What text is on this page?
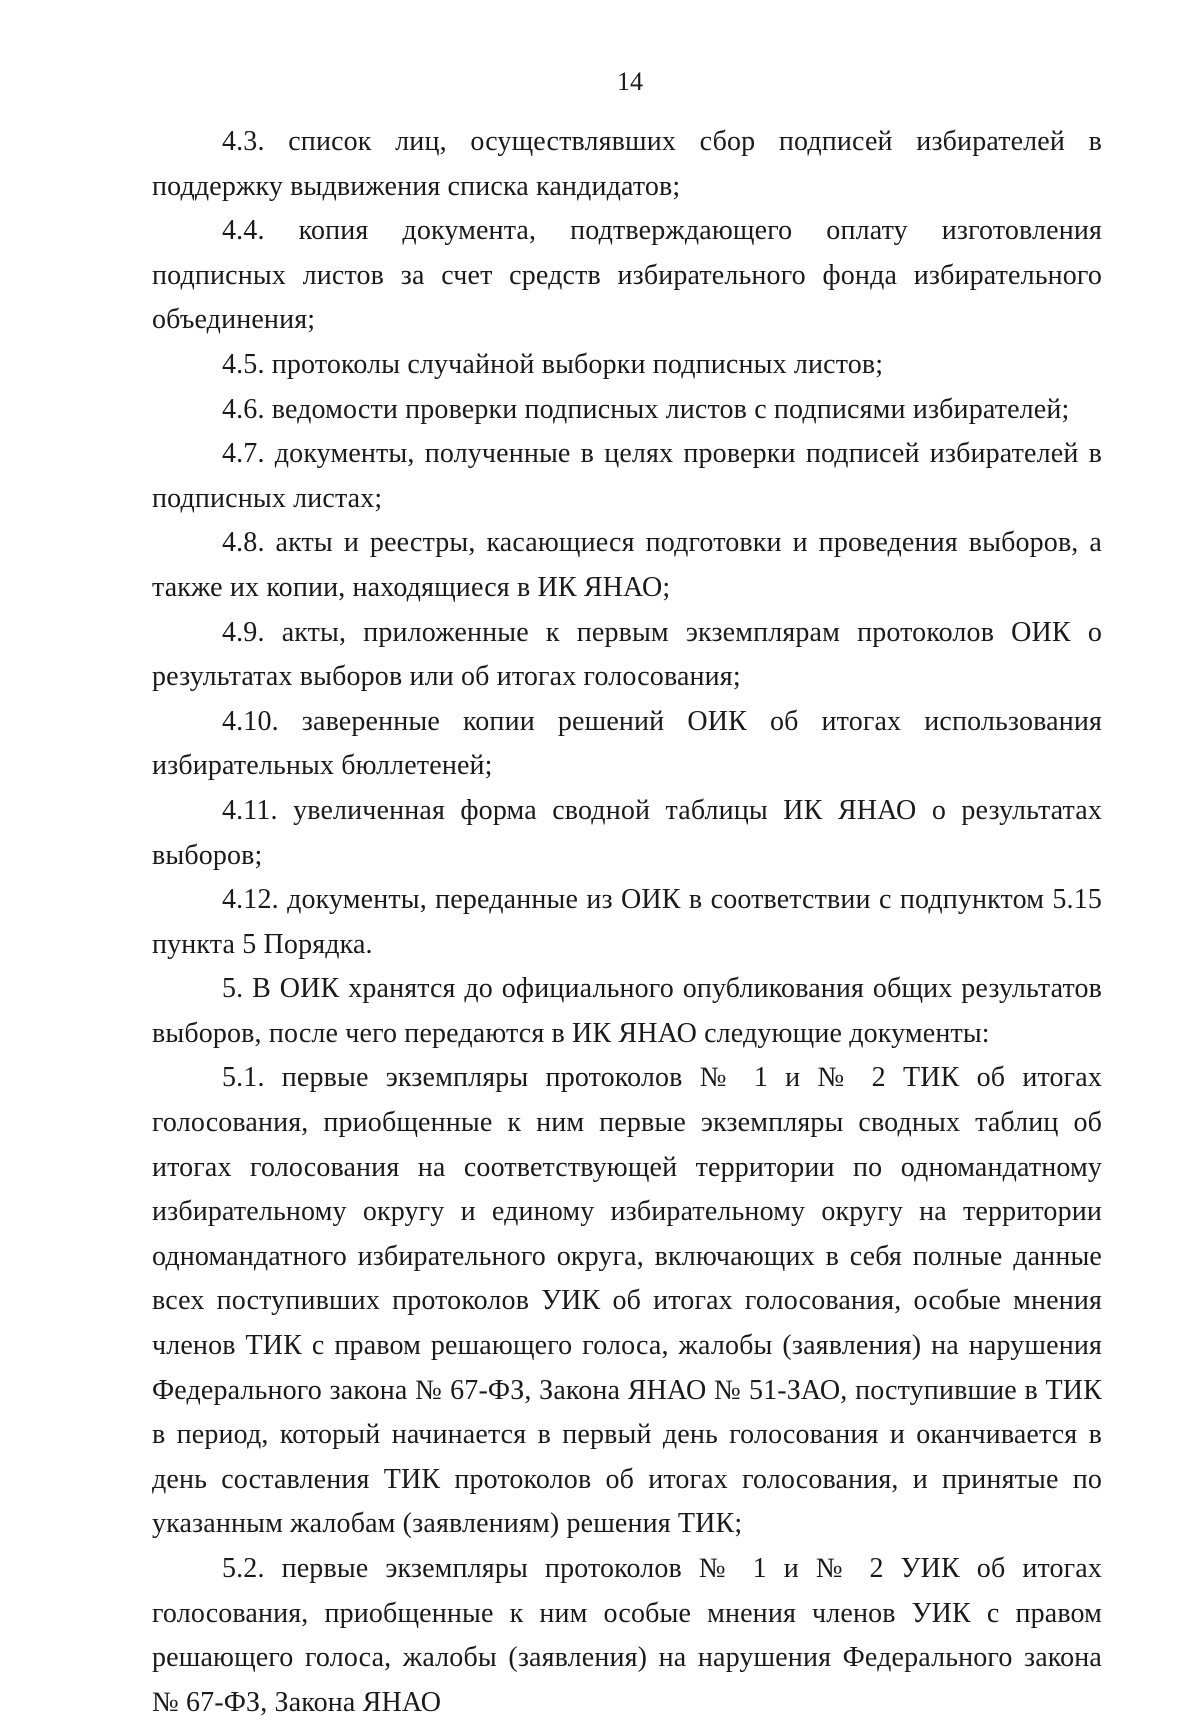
14

4.3. список лиц, осуществлявших сбор подписей избирателей в поддержку выдвижения списка кандидатов;

4.4. копия документа, подтверждающего оплату изготовления подписных листов за счет средств избирательного фонда избирательного объединения;

4.5. протоколы случайной выборки подписных листов;

4.6. ведомости проверки подписных листов с подписями избирателей;

4.7. документы, полученные в целях проверки подписей избирателей в подписных листах;

4.8. акты и реестры, касающиеся подготовки и проведения выборов, а также их копии, находящиеся в ИК ЯНАО;

4.9. акты, приложенные к первым экземплярам протоколов ОИК о результатах выборов или об итогах голосования;

4.10. заверенные копии решений ОИК об итогах использования избирательных бюллетеней;

4.11. увеличенная форма сводной таблицы ИК ЯНАО о результатах выборов;

4.12. документы, переданные из ОИК в соответствии с подпунктом 5.15 пункта 5 Порядка.

5. В ОИК хранятся до официального опубликования общих результатов выборов, после чего передаются в ИК ЯНАО следующие документы:

5.1. первые экземпляры протоколов № 1 и № 2 ТИК об итогах голосования, приобщенные к ним первые экземпляры сводных таблиц об итогах голосования на соответствующей территории по одномандатному избирательному округу и единому избирательному округу на территории одномандатного избирательного округа, включающих в себя полные данные всех поступивших протоколов УИК об итогах голосования, особые мнения членов ТИК с правом решающего голоса, жалобы (заявления) на нарушения Федерального закона № 67-ФЗ, Закона ЯНАО № 51-ЗАО, поступившие в ТИК в период, который начинается в первый день голосования и оканчивается в день составления ТИК протоколов об итогах голосования, и принятые по указанным жалобам (заявлениям) решения ТИК;

5.2. первые экземпляры протоколов № 1 и № 2 УИК об итогах голосования, приобщенные к ним особые мнения членов УИК с правом решающего голоса, жалобы (заявления) на нарушения Федерального закона № 67-ФЗ, Закона ЯНАО
